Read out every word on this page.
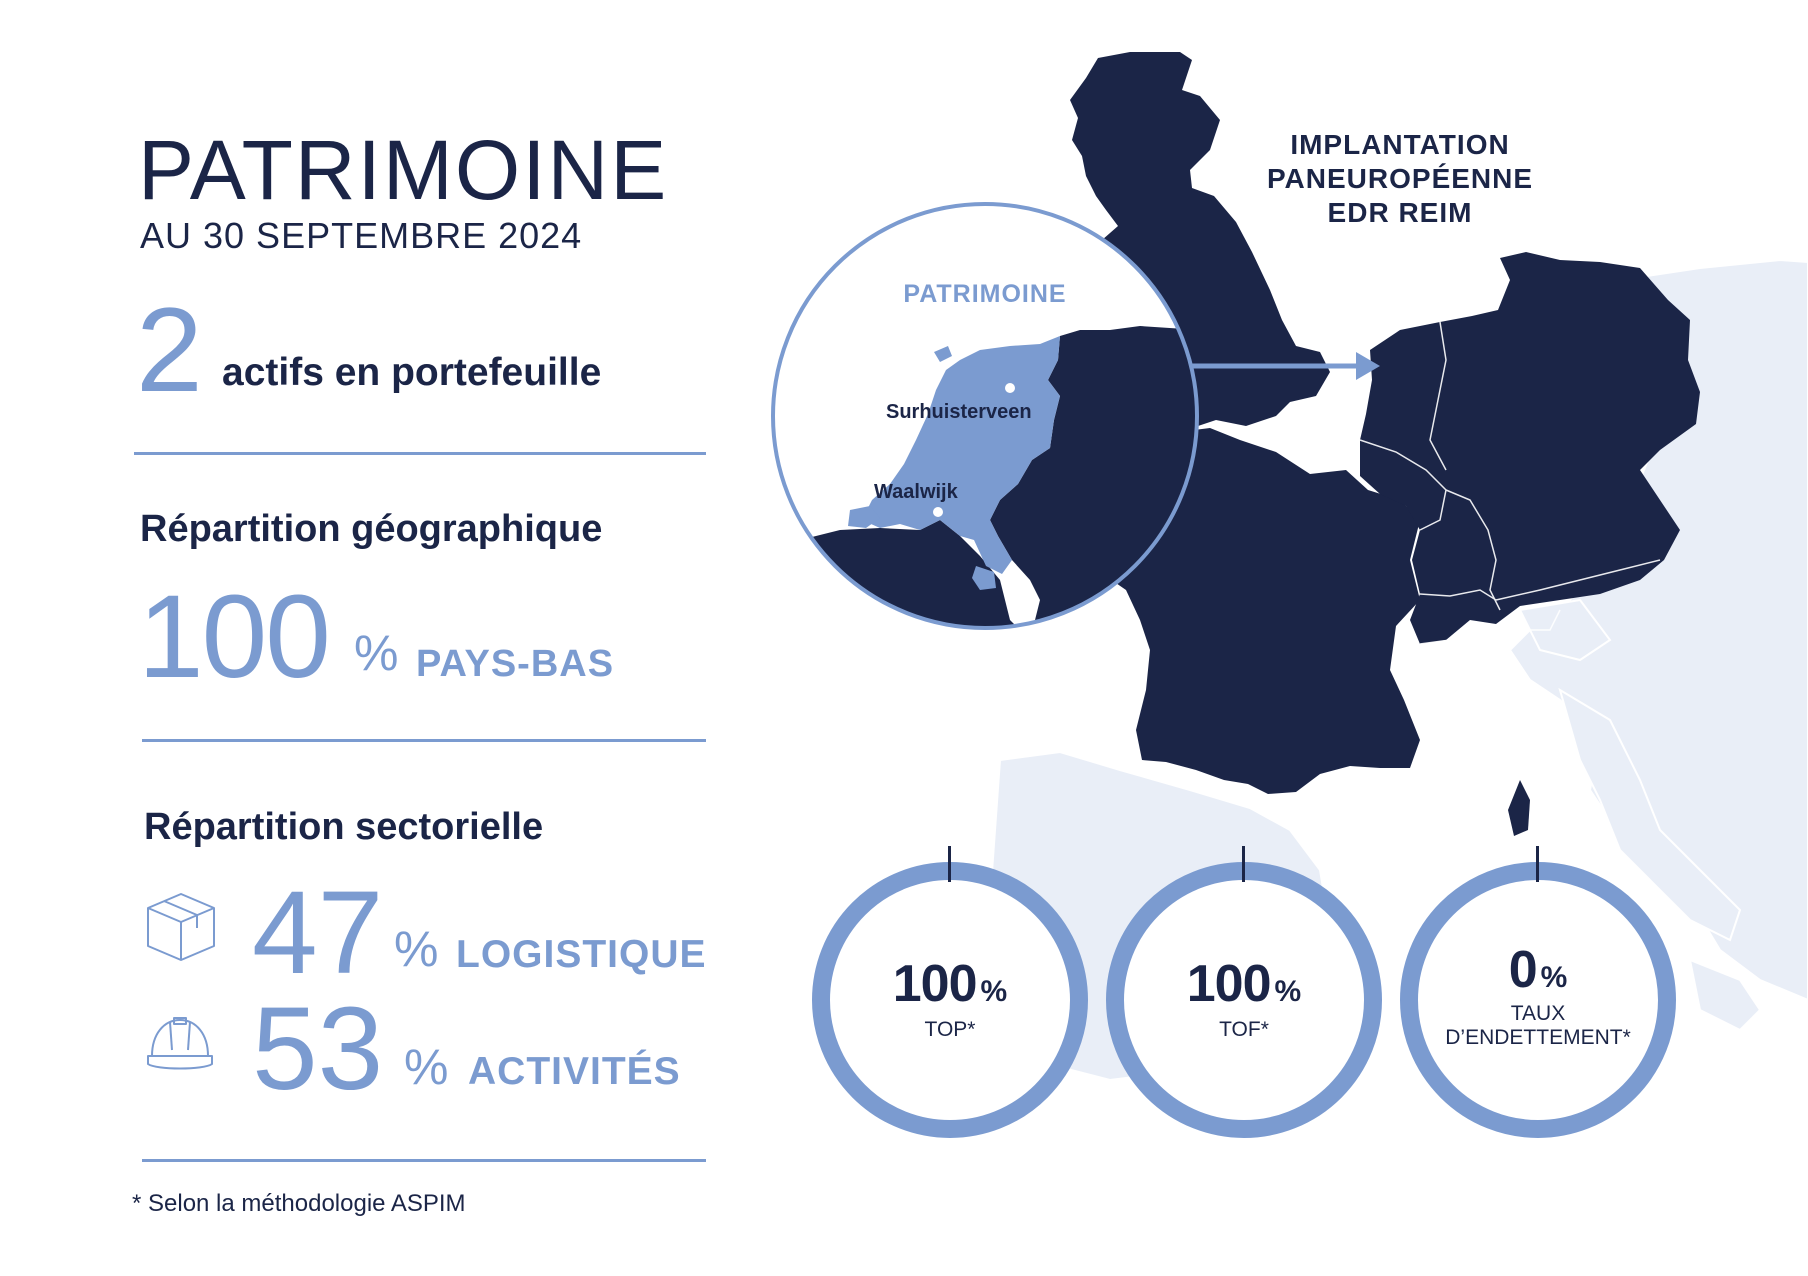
PATRIMOINE
AU 30 SEPTEMBRE 2024
2 actifs en portefeuille
Répartition géographique
100 % PAYS-BAS
Répartition sectorielle
47 % LOGISTIQUE
53 % ACTIVITÉS
* Selon la méthodologie ASPIM
IMPLANTATION
PANEUROPÉENNE
EDR REIM
PATRIMOINE
Surhuisterveen
Waalwijk
100 %
TOP*
100 %
TOF*
0 %
TAUX
D’ENDETTEMENT*
